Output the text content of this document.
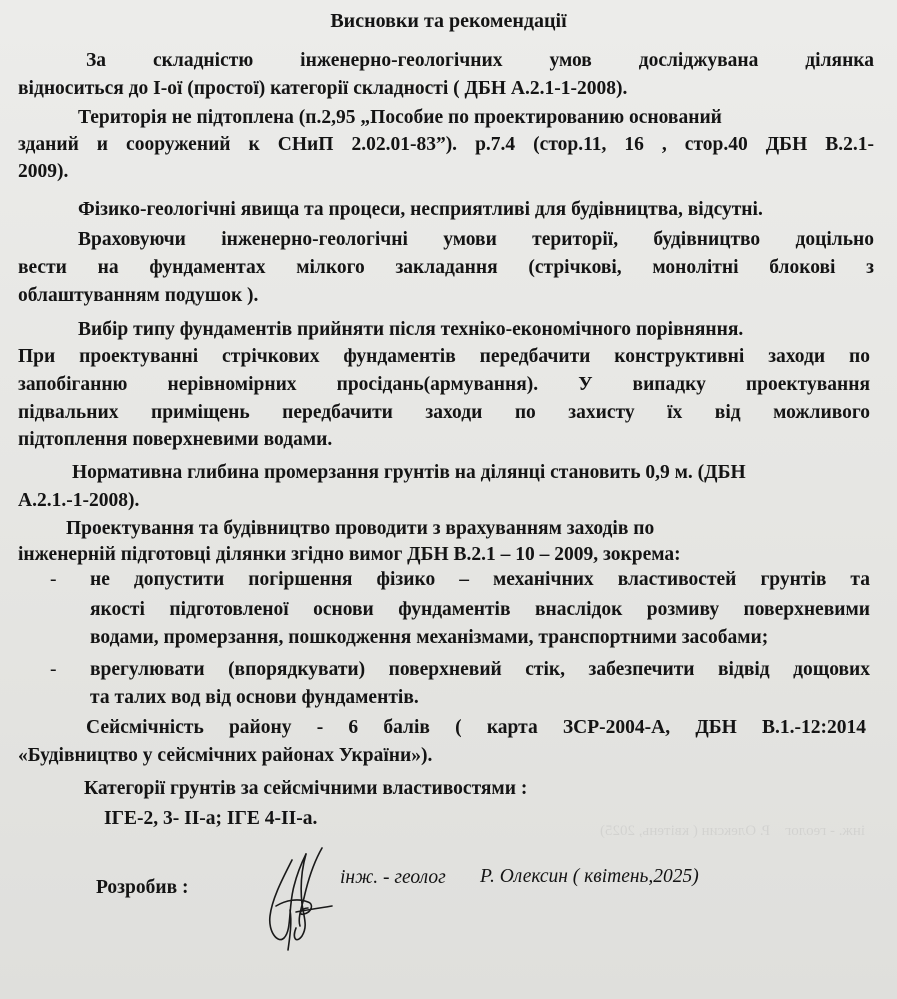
інж. - геолог    Р. Олексин ( квітень, 2025)
Висновки та рекомендації
За складністю інженерно-геологічних умов досліджувана ділянка
відноситься до І-ої (простої) категорії складності ( ДБН А.2.1-1-2008).
Територія не підтоплена (п.2,95 „Пособие по проектированию оснований
зданий и сооружений к СНиП 2.02.01-83”). р.7.4 (стор.11, 16 , стор.40 ДБН В.2.1-
2009).
Фізико-геологічні явища та процеси, несприятливі для будівництва, відсутні.
Враховуючи інженерно-геологічні умови території, будівництво доцільно
вести на фундаментах мілкого закладання (стрічкові, монолітні блокові з
облаштуванням подушок ).
Вибір типу фундаментів прийняти після техніко-економічного порівняння.
При проектуванні стрічкових фундаментів передбачити конструктивні заходи по
запобіганню нерівномірних просідань(армування). У випадку проектування
підвальних приміщень передбачити заходи по захисту їх від можливого
підтоплення поверхневими водами.
Нормативна глибина промерзання грунтів на ділянці становить 0,9 м. (ДБН
А.2.1.-1-2008).
Проектування та будівництво проводити з врахуванням заходів по
інженерній підготовці ділянки згідно вимог ДБН В.2.1 – 10 – 2009, зокрема:
- не допустити погіршення фізико – механічних властивостей грунтів та
якості підготовленої основи фундаментів внаслідок розмиву поверхневими
водами, промерзання, пошкодження механізмами, транспортними засобами;
- врегулювати (впорядкувати) поверхневий стік, забезпечити відвід дощових
та талих вод від основи фундаментів.
Сейсмічність району - 6 балів ( карта ЗСР-2004-А, ДБН В.1.-12:2014
«Будівництво у сейсмічних районах України»).
Категорії грунтів за сейсмічними властивостями :
ІГЕ-2, 3- ІІ-а; ІГЕ 4-ІІ-а.
Розробив :	інж. - геолог Р. Олексин ( квітень,2025)
